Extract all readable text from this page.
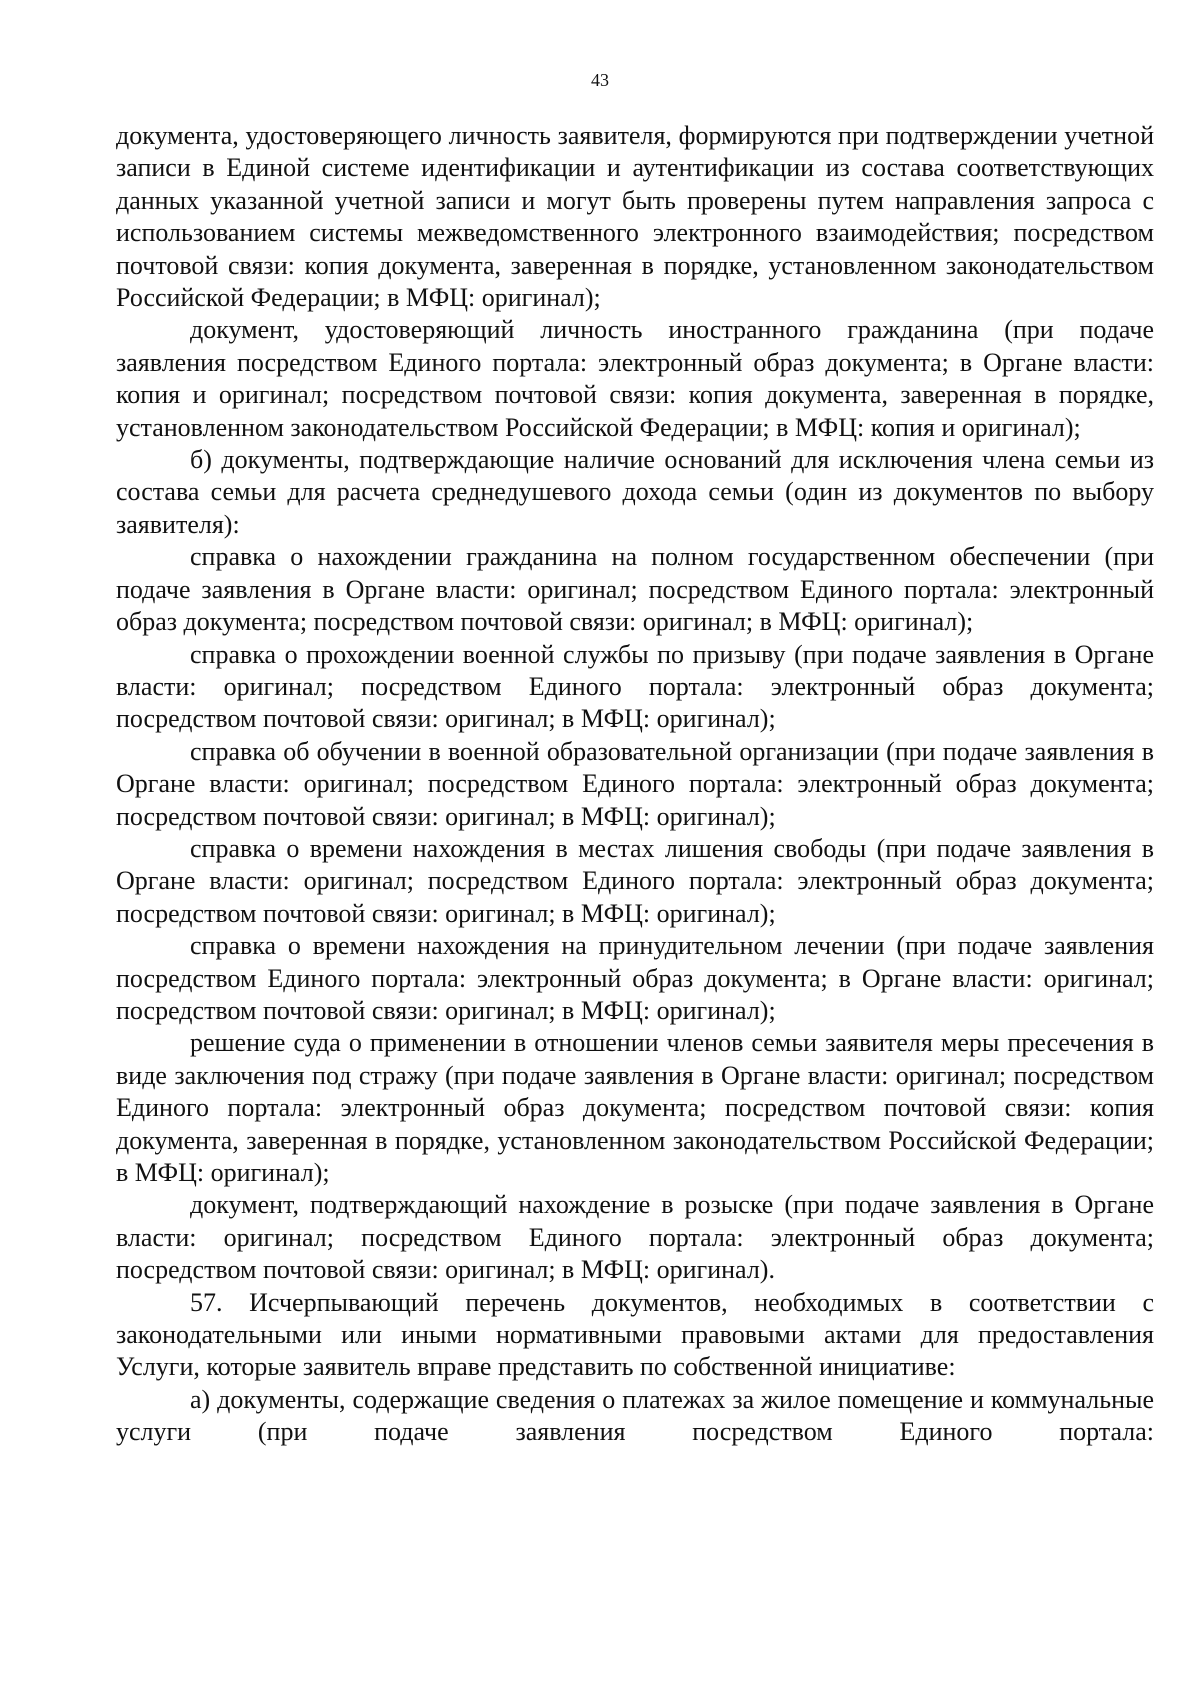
43

документа, удостоверяющего личность заявителя, формируются при подтверждении учетной записи в Единой системе идентификации и аутентификации из состава соответствующих данных указанной учетной записи и могут быть проверены путем направления запроса с использованием системы межведомственного электронного взаимодействия; посредством почтовой связи: копия документа, заверенная в порядке, установленном законодательством Российской Федерации; в МФЦ: оригинал);

документ, удостоверяющий личность иностранного гражданина (при подаче заявления посредством Единого портала: электронный образ документа; в Органе власти: копия и оригинал; посредством почтовой связи: копия документа, заверенная в порядке, установленном законодательством Российской Федерации; в МФЦ: копия и оригинал);

б) документы, подтверждающие наличие оснований для исключения члена семьи из состава семьи для расчета среднедушевого дохода семьи (один из документов по выбору заявителя):

справка о нахождении гражданина на полном государственном обеспечении (при подаче заявления в Органе власти: оригинал; посредством Единого портала: электронный образ документа; посредством почтовой связи: оригинал; в МФЦ: оригинал);

справка о прохождении военной службы по призыву (при подаче заявления в Органе власти: оригинал; посредством Единого портала: электронный образ документа; посредством почтовой связи: оригинал; в МФЦ: оригинал);

справка об обучении в военной образовательной организации (при подаче заявления в Органе власти: оригинал; посредством Единого портала: электронный образ документа; посредством почтовой связи: оригинал; в МФЦ: оригинал);

справка о времени нахождения в местах лишения свободы (при подаче заявления в Органе власти: оригинал; посредством Единого портала: электронный образ документа; посредством почтовой связи: оригинал; в МФЦ: оригинал);

справка о времени нахождения на принудительном лечении (при подаче заявления посредством Единого портала: электронный образ документа; в Органе власти: оригинал; посредством почтовой связи: оригинал; в МФЦ: оригинал);

решение суда о применении в отношении членов семьи заявителя меры пресечения в виде заключения под стражу (при подаче заявления в Органе власти: оригинал; посредством Единого портала: электронный образ документа; посредством почтовой связи: копия документа, заверенная в порядке, установленном законодательством Российской Федерации; в МФЦ: оригинал);

документ, подтверждающий нахождение в розыске (при подаче заявления в Органе власти: оригинал; посредством Единого портала: электронный образ документа; посредством почтовой связи: оригинал; в МФЦ: оригинал).

57. Исчерпывающий перечень документов, необходимых в соответствии с законодательными или иными нормативными правовыми актами для предоставления Услуги, которые заявитель вправе представить по собственной инициативе:

а) документы, содержащие сведения о платежах за жилое помещение и коммунальные услуги (при подаче заявления посредством Единого портала:
